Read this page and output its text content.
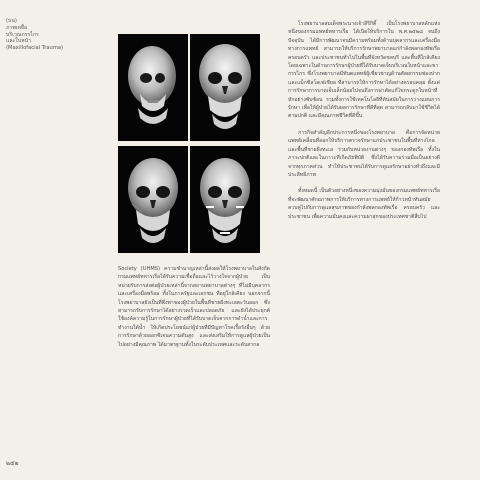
(บน)
ภาพเหยื่อ
บริเวณกรรไกร
และใบหน้า
(Maxillofacial Trauma)

Society (UHMS) ความชำนาญเหล่านี้ส่งผลให้โรงพยาบาลในสังกัดกรมแพทย์ทหารเรือได้รับความเชื่อถือและไว้วางใจจากผู้ป่วย เป็นหน่วยรับการส่งต่อผู้ป่วยเหล่านี้จากสถานพยาบาลต่างๆ ที่ไม่มีบุคลากรและเครื่องมือพร้อม ทั้งในภาครัฐและเอกชน ที่อยู่ใกล้เคียง นอกจากนี้โรงพยาบาลยังเป็นที่พึ่งพาของผู้ป่วยในพื้นที่ชายฝั่งทะเลตะวันออก ซึ่งสามารถรับการรักษาได้อย่างรวดเร็วและปลอดภัย และยังได้ประยุกต์ใช้องค์ความรู้ในการรักษาผู้ป่วยที่ได้รับบาดเจ็บจากการดำน้ำและการทำงานใต้น้ำ ให้เกิดประโยชน์แก่ผู้ป่วยที่มีปัญหาโรคเรื้อรังอื่นๆ ด้วยการรักษาด้วยออกซิเจนความดันสูง และส่งเสริมให้การดูแลผู้ป่วยเป็นไปอย่างมีคุณภาพ ได้มาตรฐานทั้งในระดับประเทศและระดับสากล

โรงพยาบาลสมเด็จพระนางเจ้าสิริกิติ์ เป็นโรงพยาบาลหลักแห่งหนึ่งของกรมแพทย์ทหารเรือ ได้เปิดให้บริการใน พ.ศ.๒๕๒๘ จนถึงปัจจุบัน ได้มีการพัฒนาจนมีความพร้อมทั้งด้านบุคลากรและเครื่องมือทางการแพทย์ สามารถให้บริการรักษาพยาบาลแก่กำลังพลกองทัพเรือ ครอบครัว และประชาชนทั่วไปในพื้นที่จังหวัดชลบุรี และพื้นที่ใกล้เคียง โดยเฉพาะในด้านการรักษาผู้ป่วยที่ได้รับบาดเจ็บบริเวณใบหน้าและขากรรไกร ซึ่งโรงพยาบาลมีทันตแพทย์ผู้เชี่ยวชาญด้านศัลยกรรมช่องปากและแม็กซิลโลเฟเชียล ที่สามารถให้การรักษาได้อย่างครอบคลุม ตั้งแต่การรักษาการบาดเจ็บเล็กน้อยไปจนถึงการผ่าตัดแก้ไขกระดูกใบหน้าที่หักอย่างซับซ้อน รวมทั้งการใช้เทคโนโลยีที่ทันสมัยในการวางแผนการรักษา เพื่อให้ผู้ป่วยได้รับผลการรักษาที่ดีที่สุด สามารถกลับมาใช้ชีวิตได้ตามปกติ และมีคุณภาพชีวิตที่ดีขึ้น

ภารกิจสำคัญอีกประการหนึ่งของโรงพยาบาล คือการจัดหน่วยแพทย์เคลื่อนที่ออกให้บริการตรวจรักษาแก่ประชาชนในพื้นที่ห่างไกล และพื้นที่ชายฝั่งทะเล ร่วมกับหน่วยงานต่างๆ ของกองทัพเรือ ทั้งในภาวะปกติและในภาวะที่เกิดภัยพิบัติ ซึ่งได้รับความร่วมมือเป็นอย่างดีจากทุกภาคส่วน ทำให้ประชาชนได้รับการดูแลรักษาอย่างทั่วถึงและมีประสิทธิภาพ

ทั้งหมดนี้ เป็นตัวอย่างหนึ่งของความมุ่งมั่นของกรมแพทย์ทหารเรือ ที่จะพัฒนาศักยภาพการให้บริการทางการแพทย์ให้ก้าวหน้าทันสมัย ควบคู่ไปกับการดูแลสุขภาพของกำลังพลกองทัพเรือ ครอบครัว และประชาชน เพื่อความมั่นคงและความผาสุกของประเทศชาติสืบไป

๒๕๒
